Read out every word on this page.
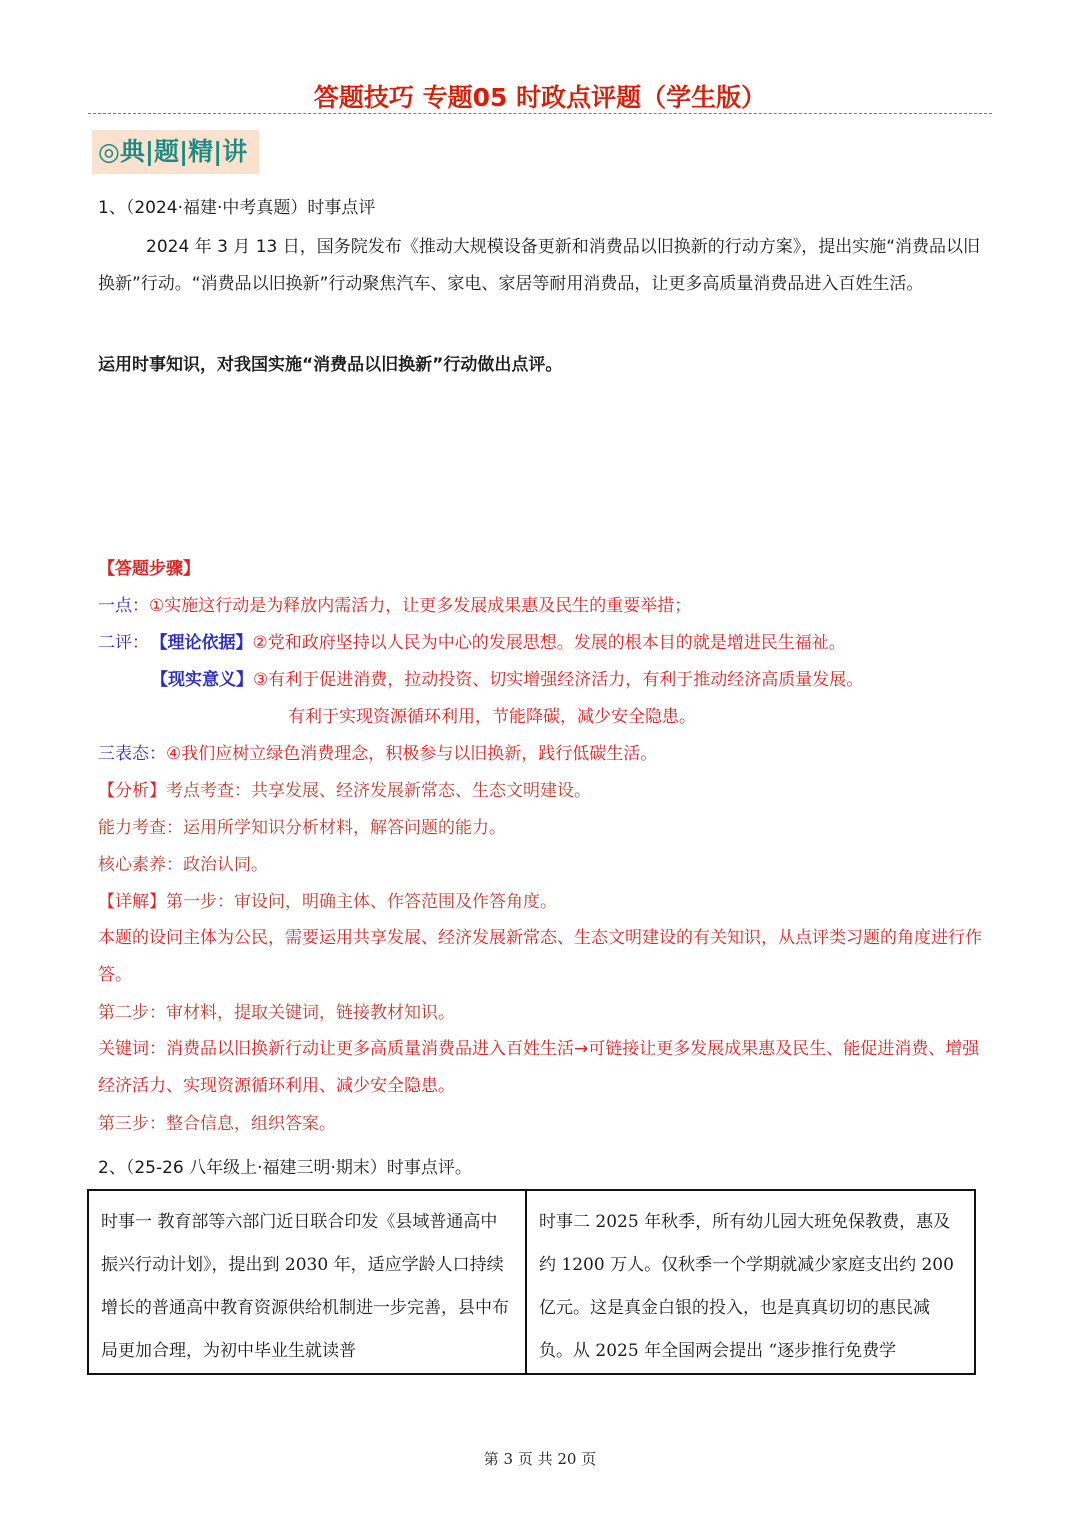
答题技巧 专题05 时政点评题（学生版）
◎典|题|精|讲
1、（2024·福建·中考真题）时事点评
2024 年 3 月 13 日，国务院发布《推动大规模设备更新和消费品以旧换新的行动方案》，提出实施“消费品以旧换新”行动。“消费品以旧换新”行动聚焦汽车、家电、家居等耐用消费品，让更多高质量消费品进入百姓生活。
运用时事知识，对我国实施“消费品以旧换新”行动做出点评。
【答题步骤】
一点：①实施这行动是为释放内需活力，让更多发展成果惠及民生的重要举措；
二评： 【理论依据】②党和政府坚持以人民为中心的发展思想。发展的根本目的就是增进民生福祉。
【现实意义】③有利于促进消费，拉动投资、切实增强经济活力，有利于推动经济高质量发展。
有利于实现资源循环利用，节能降碳，减少安全隐患。
三表态：④我们应树立绿色消费理念，积极参与以旧换新，践行低碳生活。
【分析】考点考查：共享发展、经济发展新常态、生态文明建设。
能力考查：运用所学知识分析材料，解答问题的能力。
核心素养：政治认同。
【详解】第一步：审设问，明确主体、作答范围及作答角度。
本题的设问主体为公民，需要运用共享发展、经济发展新常态、生态文明建设的有关知识，从点评类习题的角度进行作答。
第二步：审材料，提取关键词，链接教材知识。
关键词：消费品以旧换新行动让更多高质量消费品进入百姓生活→可链接让更多发展成果惠及民生、能促进消费、增强经济活力、实现资源循环利用、减少安全隐患。
第三步：整合信息，组织答案。
2、（25-26 八年级上·福建三明·期末）时事点评。
时事一 教育部等六部门近日联合印发《县域普通高中振兴行动计划》，提出到 2030 年，适应学龄人口持续增长的普通高中教育资源供给机制进一步完善，县中布局更加合理，为初中毕业生就读普
时事二 2025 年秋季，所有幼儿园大班免保教费，惠及约 1200 万人。仅秋季一个学期就减少家庭支出约 200 亿元。这是真金白银的投入，也是真真切切的惠民减负。从 2025 年全国两会提出 “逐步推行免费学
第 3 页 共 20 页
